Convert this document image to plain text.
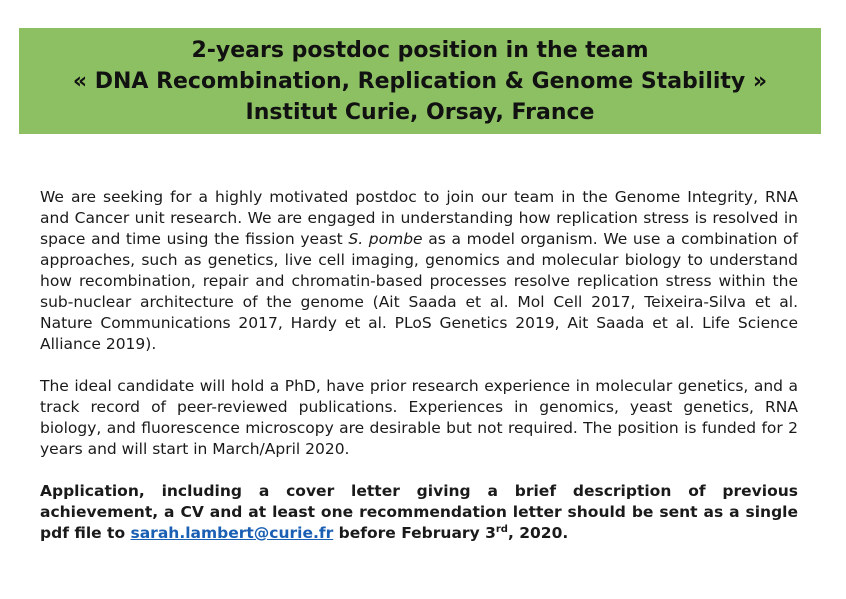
2-years postdoc position in the team
« DNA Recombination, Replication & Genome Stability »
Institut Curie, Orsay, France

We are seeking for a highly motivated postdoc to join our team in the Genome Integrity, RNA and Cancer unit research. We are engaged in understanding how replication stress is resolved in space and time using the fission yeast S. pombe as a model organism. We use a combination of approaches, such as genetics, live cell imaging, genomics and molecular biology to understand how recombination, repair and chromatin-based processes resolve replication stress within the sub-nuclear architecture of the genome (Ait Saada et al. Mol Cell 2017, Teixeira-Silva et al. Nature Communications 2017, Hardy et al. PLoS Genetics 2019, Ait Saada et al. Life Science Alliance 2019).

The ideal candidate will hold a PhD, have prior research experience in molecular genetics, and a track record of peer-reviewed publications. Experiences in genomics, yeast genetics, RNA biology, and fluorescence microscopy are desirable but not required. The position is funded for 2 years and will start in March/April 2020.

Application, including a cover letter giving a brief description of previous achievement, a CV and at least one recommendation letter should be sent as a single pdf file to sarah.lambert@curie.fr before February 3rd, 2020.
